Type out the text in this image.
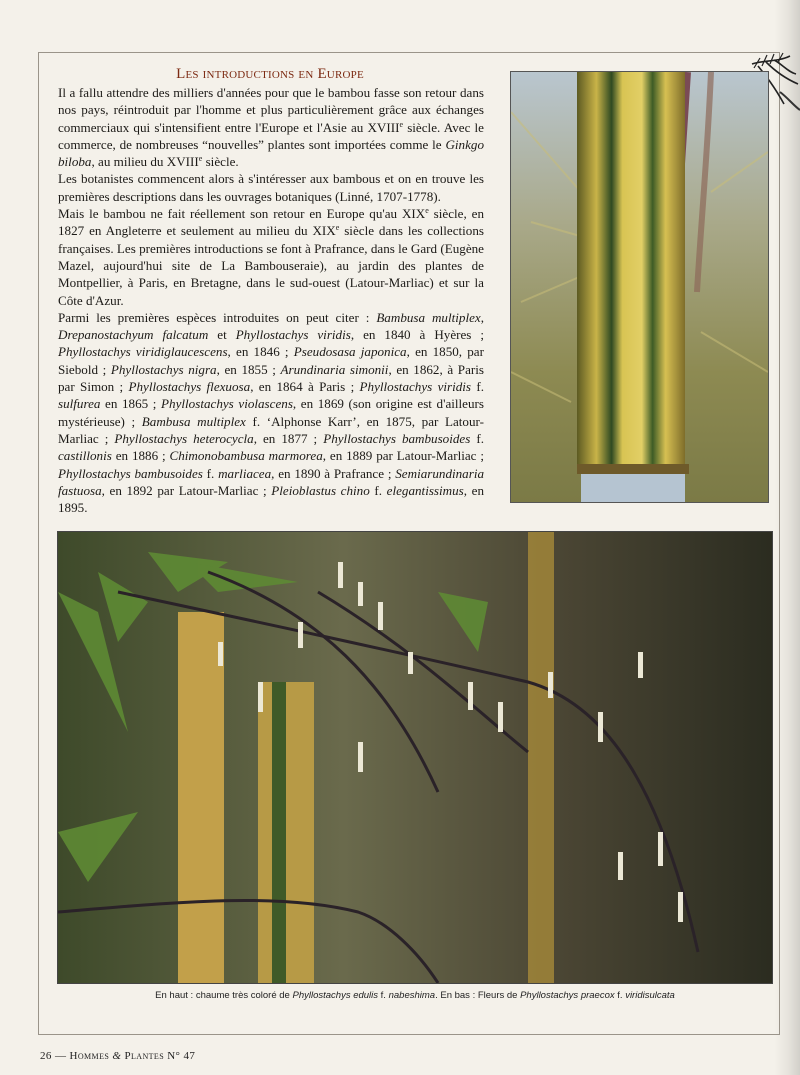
Les introductions en Europe

Il a fallu attendre des milliers d'années pour que le bambou fasse son retour dans nos pays, réintroduit par l'homme et plus particulièrement grâce aux échanges commerciaux qui s'intensifient entre l'Europe et l'Asie au XVIIIe siècle. Avec le commerce, de nombreuses “nouvelles” plantes sont importées comme le Ginkgo biloba, au milieu du XVIIIe siècle.

Les botanistes commencent alors à s'intéresser aux bambous et on en trouve les premières descriptions dans les ouvrages botaniques (Linné, 1707-1778).

Mais le bambou ne fait réellement son retour en Europe qu'au XIXe siècle, en 1827 en Angleterre et seulement au milieu du XIXe siècle dans les collections françaises. Les premières introductions se font à Prafrance, dans le Gard (Eugène Mazel, aujourd'hui site de La Bambouseraie), au jardin des plantes de Montpellier, à Paris, en Bretagne, dans le sud-ouest (Latour-Marliac) et sur la Côte d'Azur.

Parmi les premières espèces introduites on peut citer : Bambusa multiplex, Drepanostachyum falcatum et Phyllostachys viridis, en 1840 à Hyères ; Phyllostachys viridiglaucescens, en 1846 ; Pseudosasa japonica, en 1850, par Siebold ; Phyllostachys nigra, en 1855 ; Arundinaria simonii, en 1862, à Paris par Simon ; Phyllostachys flexuosa, en 1864 à Paris ; Phyllostachys viridis f. sulfurea en 1865 ; Phyllostachys violascens, en 1869 (son origine est d'ailleurs mystérieuse) ; Bambusa multiplex f. ‘Alphonse Karr’, en 1875, par Latour-Marliac ; Phyllostachys heterocycla, en 1877 ; Phyllostachys bambusoides f. castillonis en 1886 ; Chimonobambusa marmorea, en 1889 par Latour-Marliac ; Phyllostachys bambusoides f. marliacea, en 1890 à Prafrance ; Semiarundinaria fastuosa, en 1892 par Latour-Marliac ; Pleioblastus chino f. elegantissimus, en 1895.

En haut : chaume très coloré de Phyllostachys edulis f. nabeshima. En bas : Fleurs de Phyllostachys praecox f. viridisulcata
26 — Hommes & Plantes N° 47
